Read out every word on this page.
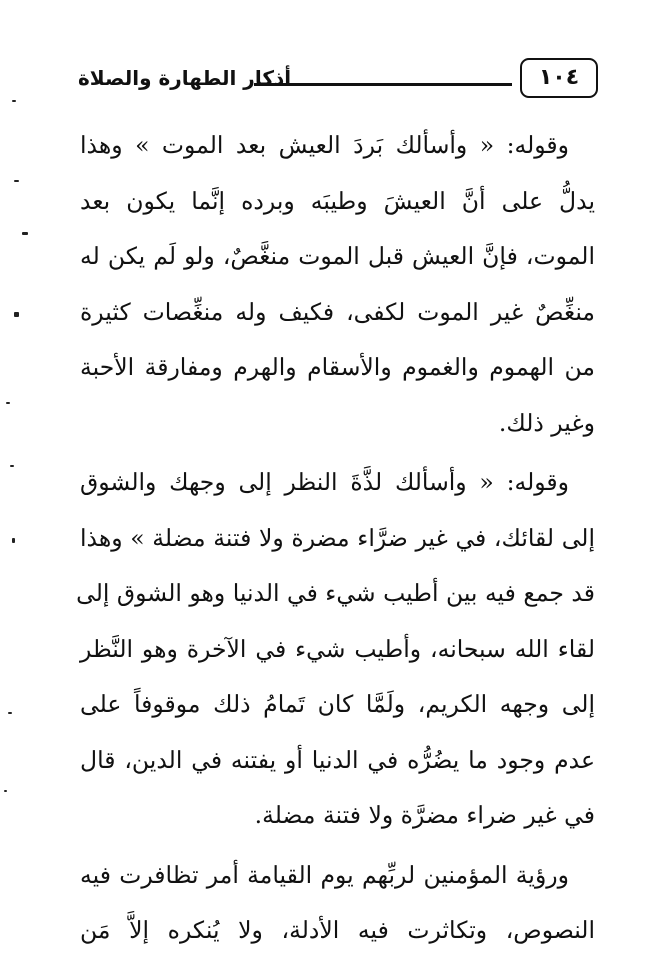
أذكار الطهارة والصلاة	١٠٤
وقوله: « وأسألك بَردَ العيش بعد الموت » وهذا
يدلُّ على أنَّ العيشَ وطيبَه وبرده إنَّما يكون بعد
الموت، فإنَّ العيش قبل الموت منغَّصٌ، ولو لَم يكن له
منغِّصٌ غير الموت لكفى، فكيف وله منغِّصات كثيرة
من الهموم والغموم والأسقام والهرم ومفارقة الأحبة
وغير ذلك.
وقوله: « وأسألك لذَّةَ النظر إلى وجهك والشوق
إلى لقائك، في غير ضرَّاء مضرة ولا فتنة مضلة » وهذا
قد جمع فيه بين أطيب شيء في الدنيا وهو الشوق إلى
لقاء الله سبحانه، وأطيب شيء في الآخرة وهو النَّظر
إلى وجهه الكريم، ولَمَّا كان تَمامُ ذلك موقوفاً على
عدم وجود ما يضُرُّه في الدنيا أو يفتنه في الدين، قال
في غير ضراء مضرَّة ولا فتنة مضلة.
ورؤية المؤمنين لربِّهم يوم القيامة أمر تظافرت فيه
النصوص، وتكاثرت فيه الأدلة، ولا يُنكره إلاَّ مَن
